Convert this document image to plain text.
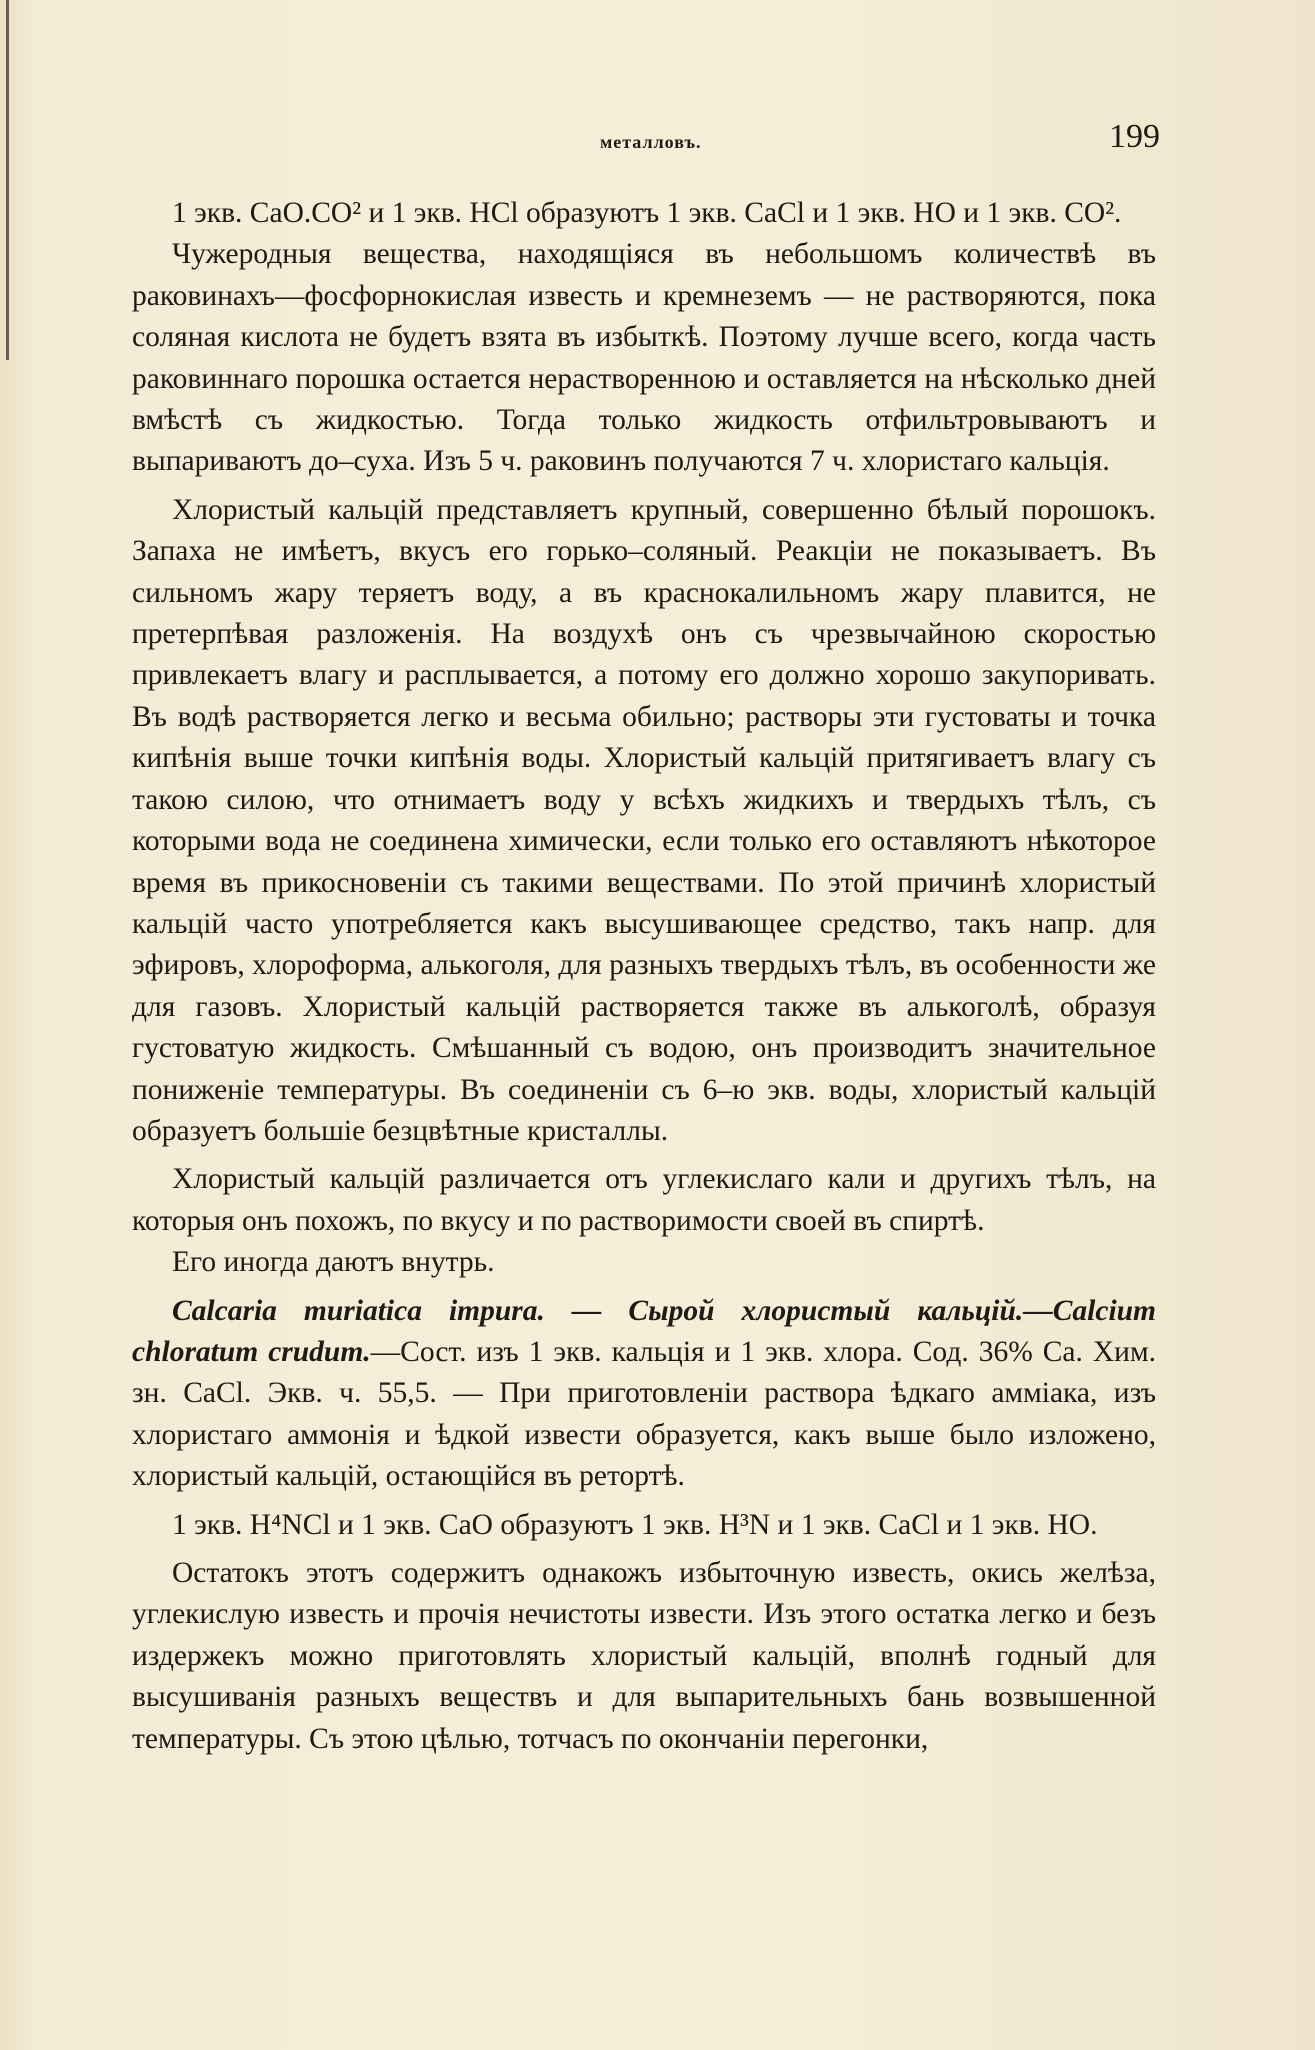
металловъ.	199

1 экв. CaO.CO² и 1 экв. HCl образуютъ 1 экв. CaCl и 1 экв. HO и 1 экв. CO².

Чужеродныя вещества, находящіяся въ небольшомъ количествѣ въ раковинахъ—фосфорнокислая известь и кремнеземъ — не растворяются, пока соляная кислота не будетъ взята въ избыткѣ. Поэтому лучше всего, когда часть раковиннаго порошка остается нерастворенною и оставляется на нѣсколько дней вмѣстѣ съ жидкостью. Тогда только жидкость отфильтровываютъ и выпариваютъ до–суха. Изъ 5 ч. раковинъ получаются 7 ч. хлористаго кальція.

Хлористый кальцій представляетъ крупный, совершенно бѣлый порошокъ. Запаха не имѣетъ, вкусъ его горько–соляный. Реакціи не показываетъ. Въ сильномъ жару теряетъ воду, а въ краснокалильномъ жару плавится, не претерпѣвая разложенія. На воздухѣ онъ съ чрезвычайною скоростью привлекаетъ влагу и расплывается, а потому его должно хорошо закупоривать. Въ водѣ растворяется легко и весьма обильно; растворы эти густоваты и точка кипѣнія выше точки кипѣнія воды. Хлористый кальцій притягиваетъ влагу съ такою силою, что отнимаетъ воду у всѣхъ жидкихъ и твердыхъ тѣлъ, съ которыми вода не соединена химически, если только его оставляютъ нѣкоторое время въ прикосновеніи съ такими веществами. По этой причинѣ хлористый кальцій часто употребляется какъ высушивающее средство, такъ напр. для эфировъ, хлороформа, алькоголя, для разныхъ твердыхъ тѣлъ, въ особенности же для газовъ. Хлористый кальцій растворяется также въ алькоголѣ, образуя густоватую жидкость. Смѣшанный съ водою, онъ производитъ значительное пониженіе температуры. Въ соединеніи съ 6–ю экв. воды, хлористый кальцій образуетъ большіе безцвѣтные кристаллы.

Хлористый кальцій различается отъ углекислаго кали и другихъ тѣлъ, на которыя онъ похожъ, по вкусу и по растворимости своей въ спиртѣ.

Его иногда даютъ внутрь.

Calcaria muriatica impura. — Сырой хлористый кальцій.—Calcium chloratum crudum.—Сост. изъ 1 экв. кальція и 1 экв. хлора. Сод. 36% Ca. Хим. зн. CaCl. Экв. ч. 55,5. — При приготовленіи раствора ѣдкаго амміака, изъ хлористаго аммонія и ѣдкой извести образуется, какъ выше было изложено, хлористый кальцій, остающійся въ ретортѣ.

1 экв. H⁴NCl и 1 экв. CaO образуютъ 1 экв. H³N и 1 экв. CaCl и 1 экв. HO.

Остатокъ этотъ содержитъ однакожъ избыточную известь, окись желѣза, углекислую известь и прочія нечистоты извести. Изъ этого остатка легко и безъ издержекъ можно приготовлять хлористый кальцій, вполнѣ годный для высушиванія разныхъ веществъ и для выпарительныхъ бань возвышенной температуры. Съ этою цѣлью, тотчасъ по окончаніи перегонки,
